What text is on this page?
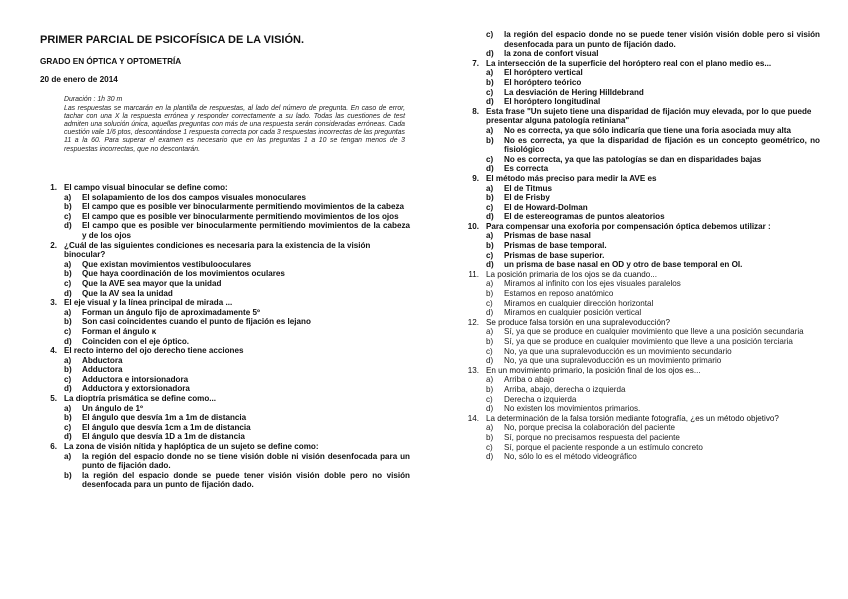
PRIMER PARCIAL DE PSICOFÍSICA DE LA VISIÓN.
GRADO EN ÓPTICA Y OPTOMETRÍA
20 de enero de 2014
Duración : 1h 30 m
Las respuestas se marcarán en la plantilla de respuestas, al lado del número de pregunta. En caso de error, tachar con una X la respuesta errónea y responder correctamente a su lado. Todas las cuestiones de test admiten una solución única, aquellas preguntas con más de una respuesta serán consideradas erróneas. Cada cuestión vale 1/6 ptos, descontándose 1 respuesta correcta por cada 3 respuestas incorrectas de las preguntas 11 a la 60. Para superar el examen es necesario que en las preguntas 1 a 10 se tengan menos de 3 respuestas incorrectas, que no descontarán.
1. El campo visual binocular se define como:
a)	El solapamiento de los dos campos visuales monoculares
b)	El campo que es posible ver binocularmente permitiendo movimientos de la cabeza
c)	El campo que es posible ver binocularmente permitiendo movimientos de los ojos
d)	El campo que es posible ver binocularmente permitiendo movimientos de la cabeza y de los ojos
2. ¿Cuál de las siguientes condiciones es necesaria para la existencia de la visión binocular?
a)	Que existan movimientos vestibulooculares
b)	Que haya coordinación de los movimientos oculares
c)	Que la AVE sea mayor que la unidad
d)	Que la AV sea la unidad
3. El eje visual y la línea principal de mirada ...
a)	Forman un ángulo fijo de aproximadamente 5º
b)	Son casi coincidentes cuando el punto de fijación es lejano
c)	Forman el ángulo κ
d)	Coinciden con el eje óptico.
4. El recto interno del ojo derecho tiene acciones
a)	Abductora
b)	Adductora
c)	Adductora e intorsionadora
d)	Adductora y extorsionadora
5. La dioptría prismática se define como...
a)	Un ángulo de 1º
b)	El ángulo que desvía 1m a 1m de distancia
c)	El ángulo que desvía 1cm a 1m de distancia
d)	El ángulo que desvía 1D a 1m de distancia
6. La zona de visión nítida y haplóptica de un sujeto se define como:
a)	la región del espacio donde no se tiene visión doble ni visión desenfocada para un punto de fijación dado.
b)	la región del espacio donde se puede tener visión visión doble pero no visión desenfocada para un punto de fijación dado.
c)	la región del espacio donde no se puede tener visión visión doble pero si visión desenfocada para un punto de fijación dado.
d)	la zona de confort visual
7. La intersección de la superficie del horóptero real con el plano medio es...
a)	El horóptero vertical
b)	El horóptero teórico
c)	La desviación de Hering Hilldebrand
d)	El horóptero longitudinal
8. Esta frase "Un sujeto tiene una disparidad de fijación muy elevada, por lo que puede presentar alguna patología retiniana"
a)	No es correcta, ya que sólo indicaría que tiene una foria asociada muy alta
b)	No es correcta, ya que la disparidad de fijación es un concepto geométrico, no fisiológico
c)	No es correcta, ya que las patologías se dan en disparidades bajas
d)	Es correcta
9. El método más preciso para medir la AVE es
a)	El de Titmus
b)	El de Frisby
c)	El de Howard-Dolman
d)	El de estereogramas de puntos aleatorios
10. Para compensar una exoforia por compensación óptica debemos utilizar :
a)	Prismas de base nasal
b)	Prismas de base temporal.
c)	Prismas de base superior.
d)	un prisma de base nasal en OD y otro de base temporal en OI.
11. La posición primaria de los ojos se da cuando...
a)	Miramos al infinito con los ejes visuales paralelos
b)	Estamos en reposo anatómico
c)	Miramos en cualquier dirección horizontal
d)	Miramos en cualquier posición vertical
12. Se produce falsa torsión en una supralevoducción?
a)	Sí, ya que se produce en cualquier movimiento que lleve a una posición secundaria
b)	Sí, ya que se produce en cualquier movimiento que lleve a una posición terciaria
c)	No, ya que una supralevoducción es un movimiento secundario
d)	No, ya que una supralevoducción es un movimiento primario
13. En un movimiento primario, la posición final de los ojos es...
a)	Arriba o abajo
b)	Arriba, abajo, derecha o izquierda
c)	Derecha o izquierda
d)	No existen los movimientos primarios.
14. La determinación de la falsa torsión mediante fotografía, ¿es un método objetivo?
a)	No, porque precisa la colaboración del paciente
b)	Sí, porque no precisamos respuesta del paciente
c)	Sí, porque el paciente responde a un estímulo concreto
d)	No, sólo lo es el método videográfico
